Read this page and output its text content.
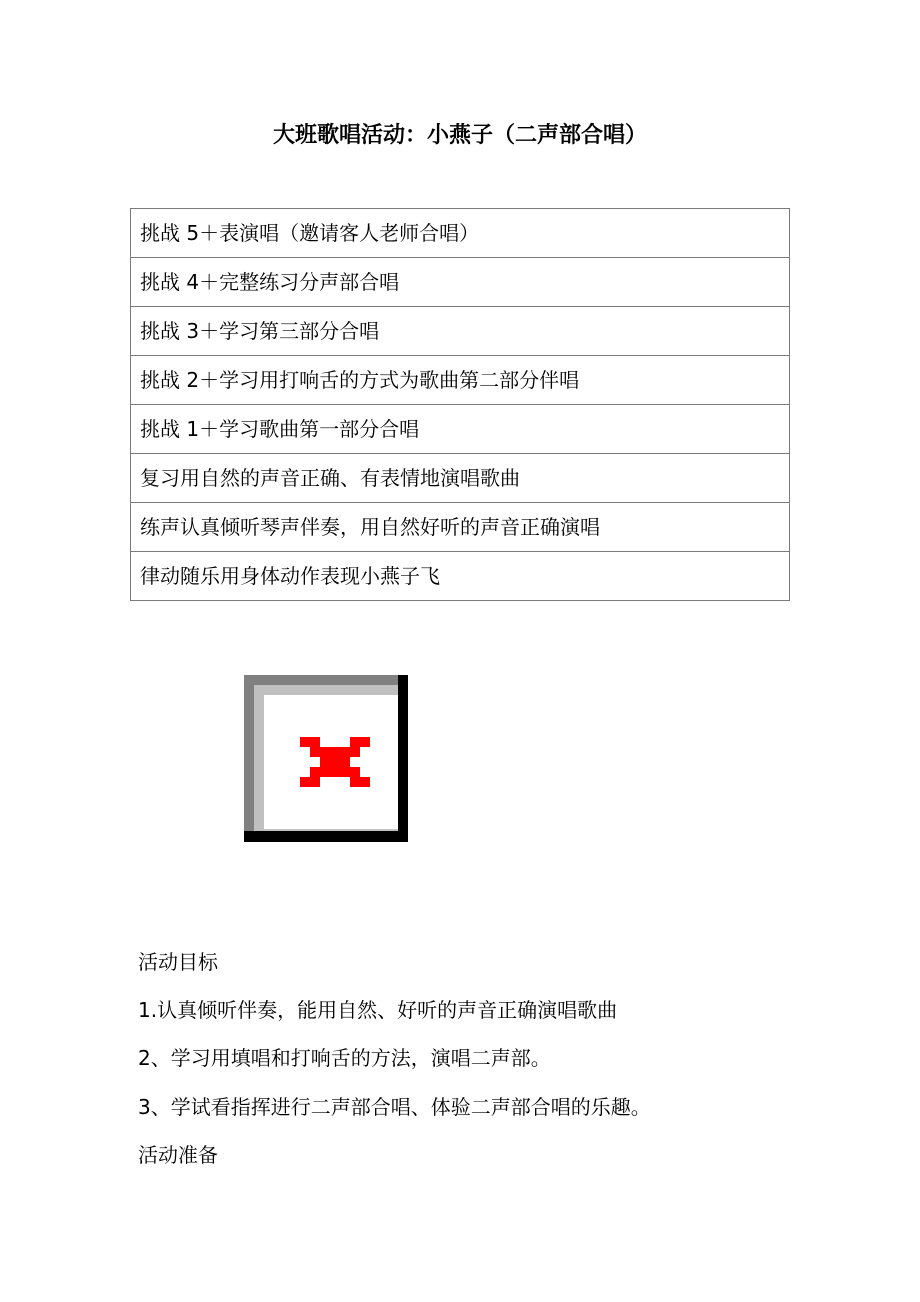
大班歌唱活动：小燕子（二声部合唱）
挑战 5＋表演唱（邀请客人老师合唱）
挑战 4＋完整练习分声部合唱
挑战 3＋学习第三部分合唱
挑战 2＋学习用打响舌的方式为歌曲第二部分伴唱
挑战 1＋学习歌曲第一部分合唱
复习用自然的声音正确、有表情地演唱歌曲
练声认真倾听琴声伴奏，用自然好听的声音正确演唱
律动随乐用身体动作表现小燕子飞
活动目标
1.认真倾听伴奏，能用自然、好听的声音正确演唱歌曲
2、学习用填唱和打响舌的方法，演唱二声部。
3、学试看指挥进行二声部合唱、体验二声部合唱的乐趣。
活动准备
